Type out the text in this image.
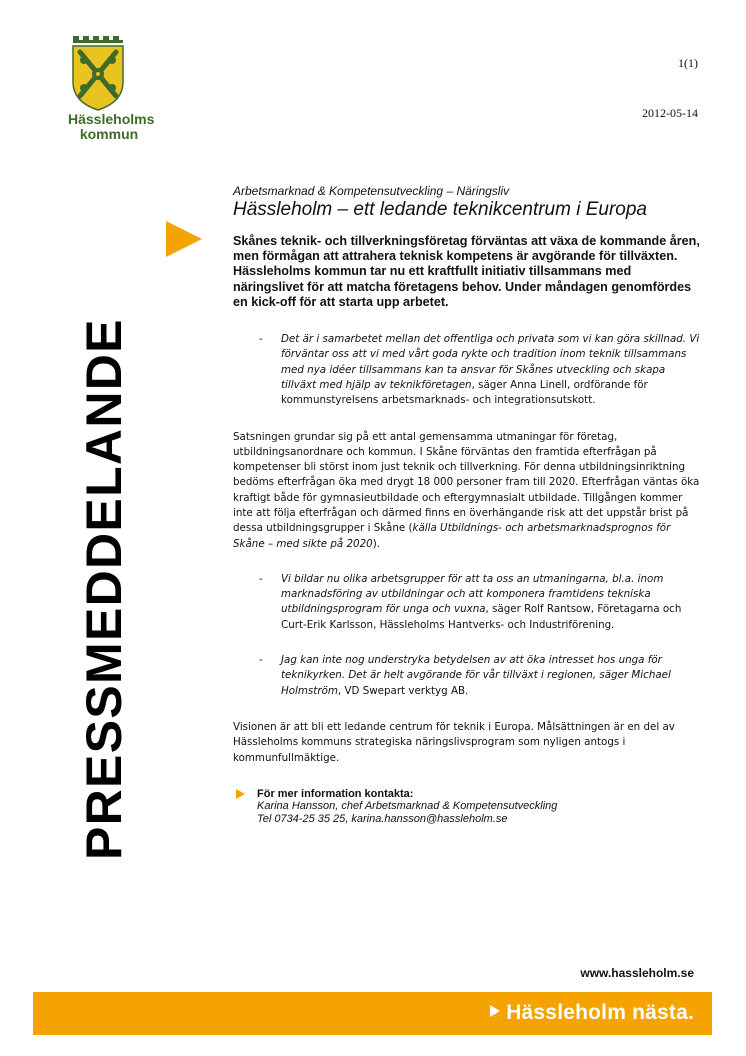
Hässleholms
kommun
1(1)
2012-05-14
PRESSMEDDELANDE
Arbetsmarknad & Kompetensutveckling – Näringsliv
Hässleholm – ett ledande teknikcentrum i Europa
Skånes teknik- och tillverkningsföretag förväntas att växa de kommande åren, men förmågan att attrahera teknisk kompetens är avgörande för tillväxten. Hässleholms kommun tar nu ett kraftfullt initiativ tillsammans med näringslivet för att matcha företagens behov. Under måndagen genomfördes en kick-off för att starta upp arbetet.
- Det är i samarbetet mellan det offentliga och privata som vi kan göra skillnad. Vi förväntar oss att vi med vårt goda rykte och tradition inom teknik tillsammans med nya idéer tillsammans kan ta ansvar för Skånes utveckling och skapa tillväxt med hjälp av teknikföretagen, säger Anna Linell, ordförande för kommunstyrelsens arbetsmarknads- och integrationsutskott.
Satsningen grundar sig på ett antal gemensamma utmaningar för företag, utbildningsanordnare och kommun. I Skåne förväntas den framtida efterfrågan på kompetenser bli störst inom just teknik och tillverkning. För denna utbildningsinriktning bedöms efterfrågan öka med drygt 18 000 personer fram till 2020. Efterfrågan väntas öka kraftigt både för gymnasieutbildade och eftergymnasialt utbildade. Tillgången kommer inte att följa efterfrågan och därmed finns en överhängande risk att det uppstår brist på dessa utbildningsgrupper i Skåne (källa Utbildnings- och arbetsmarknadsprognos för Skåne – med sikte på 2020).
- Vi bildar nu olika arbetsgrupper för att ta oss an utmaningarna, bl.a. inom marknadsföring av utbildningar och att komponera framtidens tekniska utbildningsprogram för unga och vuxna, säger Rolf Rantsow, Företagarna och Curt-Erik Karlsson, Hässleholms Hantverks- och Industriförening.
- Jag kan inte nog understryka betydelsen av att öka intresset hos unga för teknikyrken. Det är helt avgörande för vår tillväxt i regionen, säger Michael Holmström, VD Swepart verktyg AB.
Visionen är att bli ett ledande centrum för teknik i Europa. Målsättningen är en del av Hässleholms kommuns strategiska näringslivsprogram som nyligen antogs i kommunfullmäktige.
För mer information kontakta:
Karina Hansson, chef Arbetsmarknad & Kompetensutveckling
Tel 0734-25 35 25, karina.hansson@hassleholm.se
www.hassleholm.se
Hässleholm nästa.
